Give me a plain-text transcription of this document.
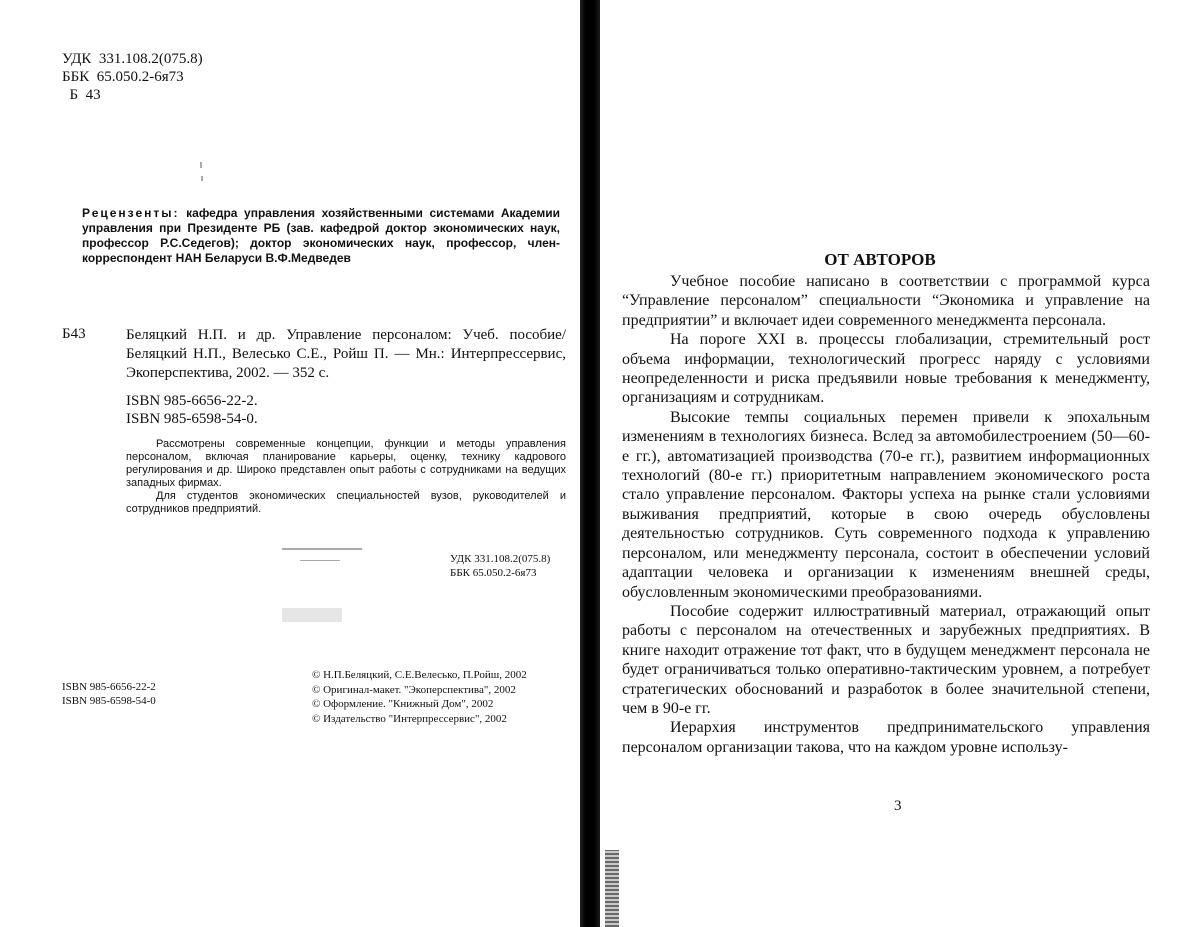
УДК  331.108.2(075.8)
ББК  65.050.2-6я73
Б  43
Рецензенты: кафедра управления хозяйственными системами Академии управления при Президенте РБ (зав. кафедрой доктор экономических наук, профессор Р.С.Седегов); доктор экономических наук, профессор, член-корреспондент НАН Беларуси В.Ф.Медведев
Б43	Беляцкий Н.П. и др. Управление персоналом: Учеб. пособие/Беляцкий Н.П., Велесько С.Е., Ройш П. — Мн.: Интерпрессервис, Экоперспектива, 2002. — 352 с.
ISBN 985-6656-22-2.
ISBN 985-6598-54-0.

Рассмотрены современные концепции, функции и методы управления персоналом, включая планирование карьеры, оценку, технику кадрового регулирования и др. Широко представлен опыт работы с сотрудниками на ведущих западных фирмах.

Для студентов экономических специальностей вузов, руководителей и сотрудников предприятий.

УДК 331.108.2(075.8)
ББК 65.050.2-6я73
ISBN 985-6656-22-2
ISBN 985-6598-54-0
© Н.П.Беляцкий, С.Е.Велесько, П.Ройш, 2002
© Оригинал-макет. "Экоперспектива", 2002
© Оформление. "Книжный Дом", 2002
© Издательство "Интерпрессервис", 2002
ОТ АВТОРОВ

Учебное пособие написано в соответствии с программой курса “Управление персоналом” специальности “Экономика и управление на предприятии” и включает идеи современного менеджмента персонала.

На пороге XXI в. процессы глобализации, стремительный рост объема информации, технологический прогресс наряду с условиями неопределенности и риска предъявили новые требования к менеджменту, организациям и сотрудникам.

Высокие темпы социальных перемен привели к эпохальным изменениям в технологиях бизнеса. Вслед за автомобилестроением (50—60-е гг.), автоматизацией производства (70-е гг.), развитием информационных технологий (80-е гг.) приоритетным направлением экономического роста стало управление персоналом. Факторы успеха на рынке стали условиями выживания предприятий, которые в свою очередь обусловлены деятельностью сотрудников. Суть современного подхода к управлению персоналом, или менеджменту персонала, состоит в обеспечении условий адаптации человека и организации к изменениям внешней среды, обусловленным экономическими преобразованиями.

Пособие содержит иллюстративный материал, отражающий опыт работы с персоналом на отечественных и зарубежных предприятиях. В книге находит отражение тот факт, что в будущем менеджмент персонала не будет ограничиваться только оперативно-тактическим уровнем, а потребует стратегических обоснований и разработок в более значительной степени, чем в 90-е гг.

Иерархия инструментов предпринимательского управления персоналом организации такова, что на каждом уровне использу-

3
